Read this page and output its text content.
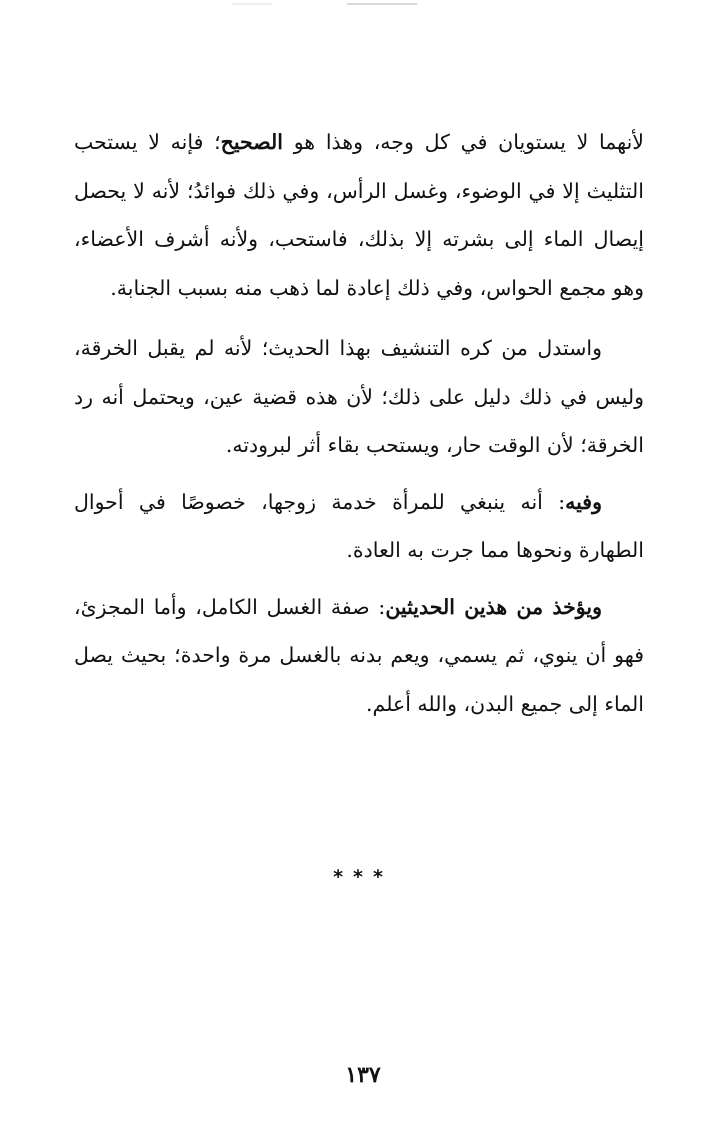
لأنهما لا يستويان في كل وجه، وهذا هو الصحيح؛ فإنه لا يستحب التثليث إلا في الوضوء، وغسل الرأس، وفي ذلك فوائدُ؛ لأنه لا يحصل إيصال الماء إلى بشرته إلا بذلك، فاستحب، ولأنه أشرف الأعضاء، وهو مجمع الحواس، وفي ذلك إعادة لما ذهب منه بسبب الجنابة.

واستدل من كره التنشيف بهذا الحديث؛ لأنه لم يقبل الخرقة، وليس في ذلك دليل على ذلك؛ لأن هذه قضية عين، ويحتمل أنه رد الخرقة؛ لأن الوقت حار، ويستحب بقاء أثر لبرودته.

وفيه: أنه ينبغي للمرأة خدمة زوجها، خصوصًا في أحوال الطهارة ونحوها مما جرت به العادة.

ويؤخذ من هذين الحديثين: صفة الغسل الكامل، وأما المجزئ، فهو أن ينوي، ثم يسمي، ويعم بدنه بالغسل مرة واحدة؛ بحيث يصل الماء إلى جميع البدن، والله أعلم.

***
١٣٧
